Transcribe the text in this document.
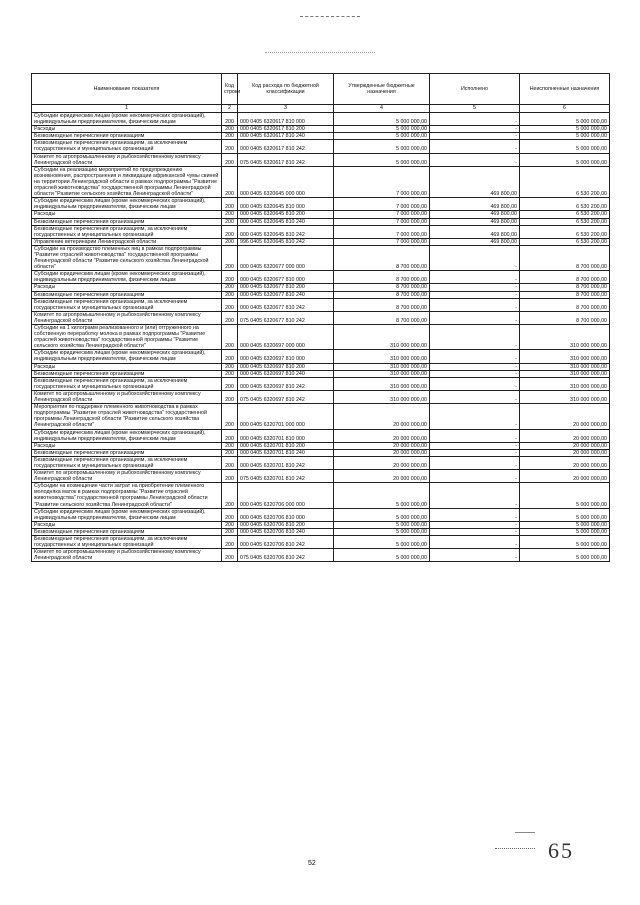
Наименование показателя	Код строки	Код расхода по бюджетной классификации	Утвержденные бюджетные назначения	Исполнено	Неисполненные назначения
1	2	3	4	5	6
Субсидии юридическим лицам (кроме некоммерческих организаций), индивидуальным предпринимателям, физическим лицам	200	000 0405 6320617 810 000	5 000 000,00	-	5 000 000,00
Расходы	200	000 0405 6320617 810 200	5 000 000,00	-	5 000 000,00
Безвозмездные перечисления организациям	200	000 0405 6320617 810 240	5 000 000,00	-	5 000 000,00
Безвозмездные перечисления организациям, за исключением государственных и муниципальных организаций	200	000 0405 6320617 810 242	5 000 000,00	-	5 000 000,00
Комитет по агропромышленному и рыбохозяйственному комплексу Ленинградской области	200	075 0405 6320617 810 242	5 000 000,00	-	5 000 000,00
Субсидии на реализацию мероприятий по предупреждению возникновения, распространения и ликвидации африканской чумы свиней на территории Ленинградской области в рамках подпрограммы "Развитие отраслей животноводства" государственной программы Ленинградской области "Развитие сельского хозяйства Ленинградской области"	200	000 0405 6320645 000 000	7 000 000,00	469 800,00	6 530 200,00
Субсидии юридическим лицам (кроме некоммерческих организаций), индивидуальным предпринимателям, физическим лицам	200	000 0405 6320645 810 000	7 000 000,00	469 800,00	6 530 200,00
Расходы	200	000 0405 6320645 810 200	7 000 000,00	469 800,00	6 530 200,00
Безвозмездные перечисления организациям	200	000 0405 6320645 810 240	7 000 000,00	469 800,00	6 530 200,00
Безвозмездные перечисления организациям, за исключением государственных и муниципальных организаций	200	000 0405 6320645 810 242	7 000 000,00	469 800,00	6 530 200,00
Управление ветеринарии Ленинградской области	200	996 0405 6320645 810 242	7 000 000,00	469 800,00	6 530 200,00
Субсидии на производство племенных яиц в рамках подпрограммы "Развитие отраслей животноводства" государственной программы Ленинградской области "Развитие сельского хозяйства Ленинградской области"	200	000 0405 6320677 000 000	8 700 000,00	-	8 700 000,00
Субсидии юридическим лицам (кроме некоммерческих организаций), индивидуальным предпринимателям, физическим лицам	200	000 0405 6320677 810 000	8 700 000,00	-	8 700 000,00
Расходы	200	000 0405 6320677 810 200	8 700 000,00	-	8 700 000,00
Безвозмездные перечисления организациям	200	000 0405 6320677 810 240	8 700 000,00	-	8 700 000,00
Безвозмездные перечисления организациям, за исключением государственных и муниципальных организаций	200	000 0405 6320677 810 242	8 700 000,00	-	8 700 000,00
Комитет по агропромышленному и рыбохозяйственному комплексу Ленинградской области	200	075 0405 6320677 810 242	8 700 000,00	-	8 700 000,00
Субсидии на 1 килограмм реализованного и (или) отгруженного на собственную переработку молока в рамках подпрограммы "Развитие отраслей животноводства" государственной программы "Развитие сельского хозяйства Ленинградской области"	200	000 0405 6320697 000 000	310 000 000,00	-	310 000 000,00
Субсидии юридическим лицам (кроме некоммерческих организаций), индивидуальным предпринимателям, физическим лицам	200	000 0405 6320697 810 000	310 000 000,00	-	310 000 000,00
Расходы	200	000 0405 6320697 810 200	310 000 000,00	-	310 000 000,00
Безвозмездные перечисления организациям	200	000 0405 6320697 810 240	310 000 000,00	-	310 000 000,00
Безвозмездные перечисления организациям, за исключением государственных и муниципальных организаций	200	000 0405 6320697 810 242	310 000 000,00	-	310 000 000,00
Комитет по агропромышленному и рыбохозяйственному комплексу Ленинградской области	200	075 0405 6320697 810 242	310 000 000,00	-	310 000 000,00
Мероприятия по поддержке племенного животноводства в рамках подпрограммы "Развитие отраслей животноводства" государственной программы Ленинградской области "Развитие сельского хозяйства Ленинградской области"	200	000 0405 6320701 000 000	20 000 000,00	-	20 000 000,00
Субсидии юридическим лицам (кроме некоммерческих организаций), индивидуальным предпринимателям, физическим лицам	200	000 0405 6320701 810 000	20 000 000,00	-	20 000 000,00
Расходы	200	000 0405 6320701 810 200	20 000 000,00	-	20 000 000,00
Безвозмездные перечисления организациям	200	000 0405 6320701 810 240	20 000 000,00	-	20 000 000,00
Безвозмездные перечисления организациям, за исключением государственных и муниципальных организаций	200	000 0405 6320701 810 242	20 000 000,00	-	20 000 000,00
Комитет по агропромышленному и рыбохозяйственному комплексу Ленинградской области	200	075 0405 6320701 810 242	20 000 000,00	-	20 000 000,00
Субсидии на возмещение части затрат на приобретение племенного молодняка маток в рамках подпрограммы "Развитие отраслей животноводства" государственной программы Ленинградской области "Развитие сельского хозяйства Ленинградской области"	200	000 0405 6320706 000 000	5 000 000,00	-	5 000 000,00
Субсидии юридическим лицам (кроме некоммерческих организаций), индивидуальным предпринимателям, физическим лицам	200	000 0405 6320706 810 000	5 000 000,00	-	5 000 000,00
Расходы	200	000 0405 6320706 810 200	5 000 000,00	-	5 000 000,00
Безвозмездные перечисления организациям	200	000 0405 6320706 810 240	5 000 000,00	-	5 000 000,00
Безвозмездные перечисления организациям, за исключением государственных и муниципальных организаций	200	000 0405 6320706 810 242	5 000 000,00	-	5 000 000,00
Комитет по агропромышленному и рыбохозяйственному комплексу Ленинградской области	200	075 0405 6320706 810 242	5 000 000,00	-	5 000 000,00
65
52
